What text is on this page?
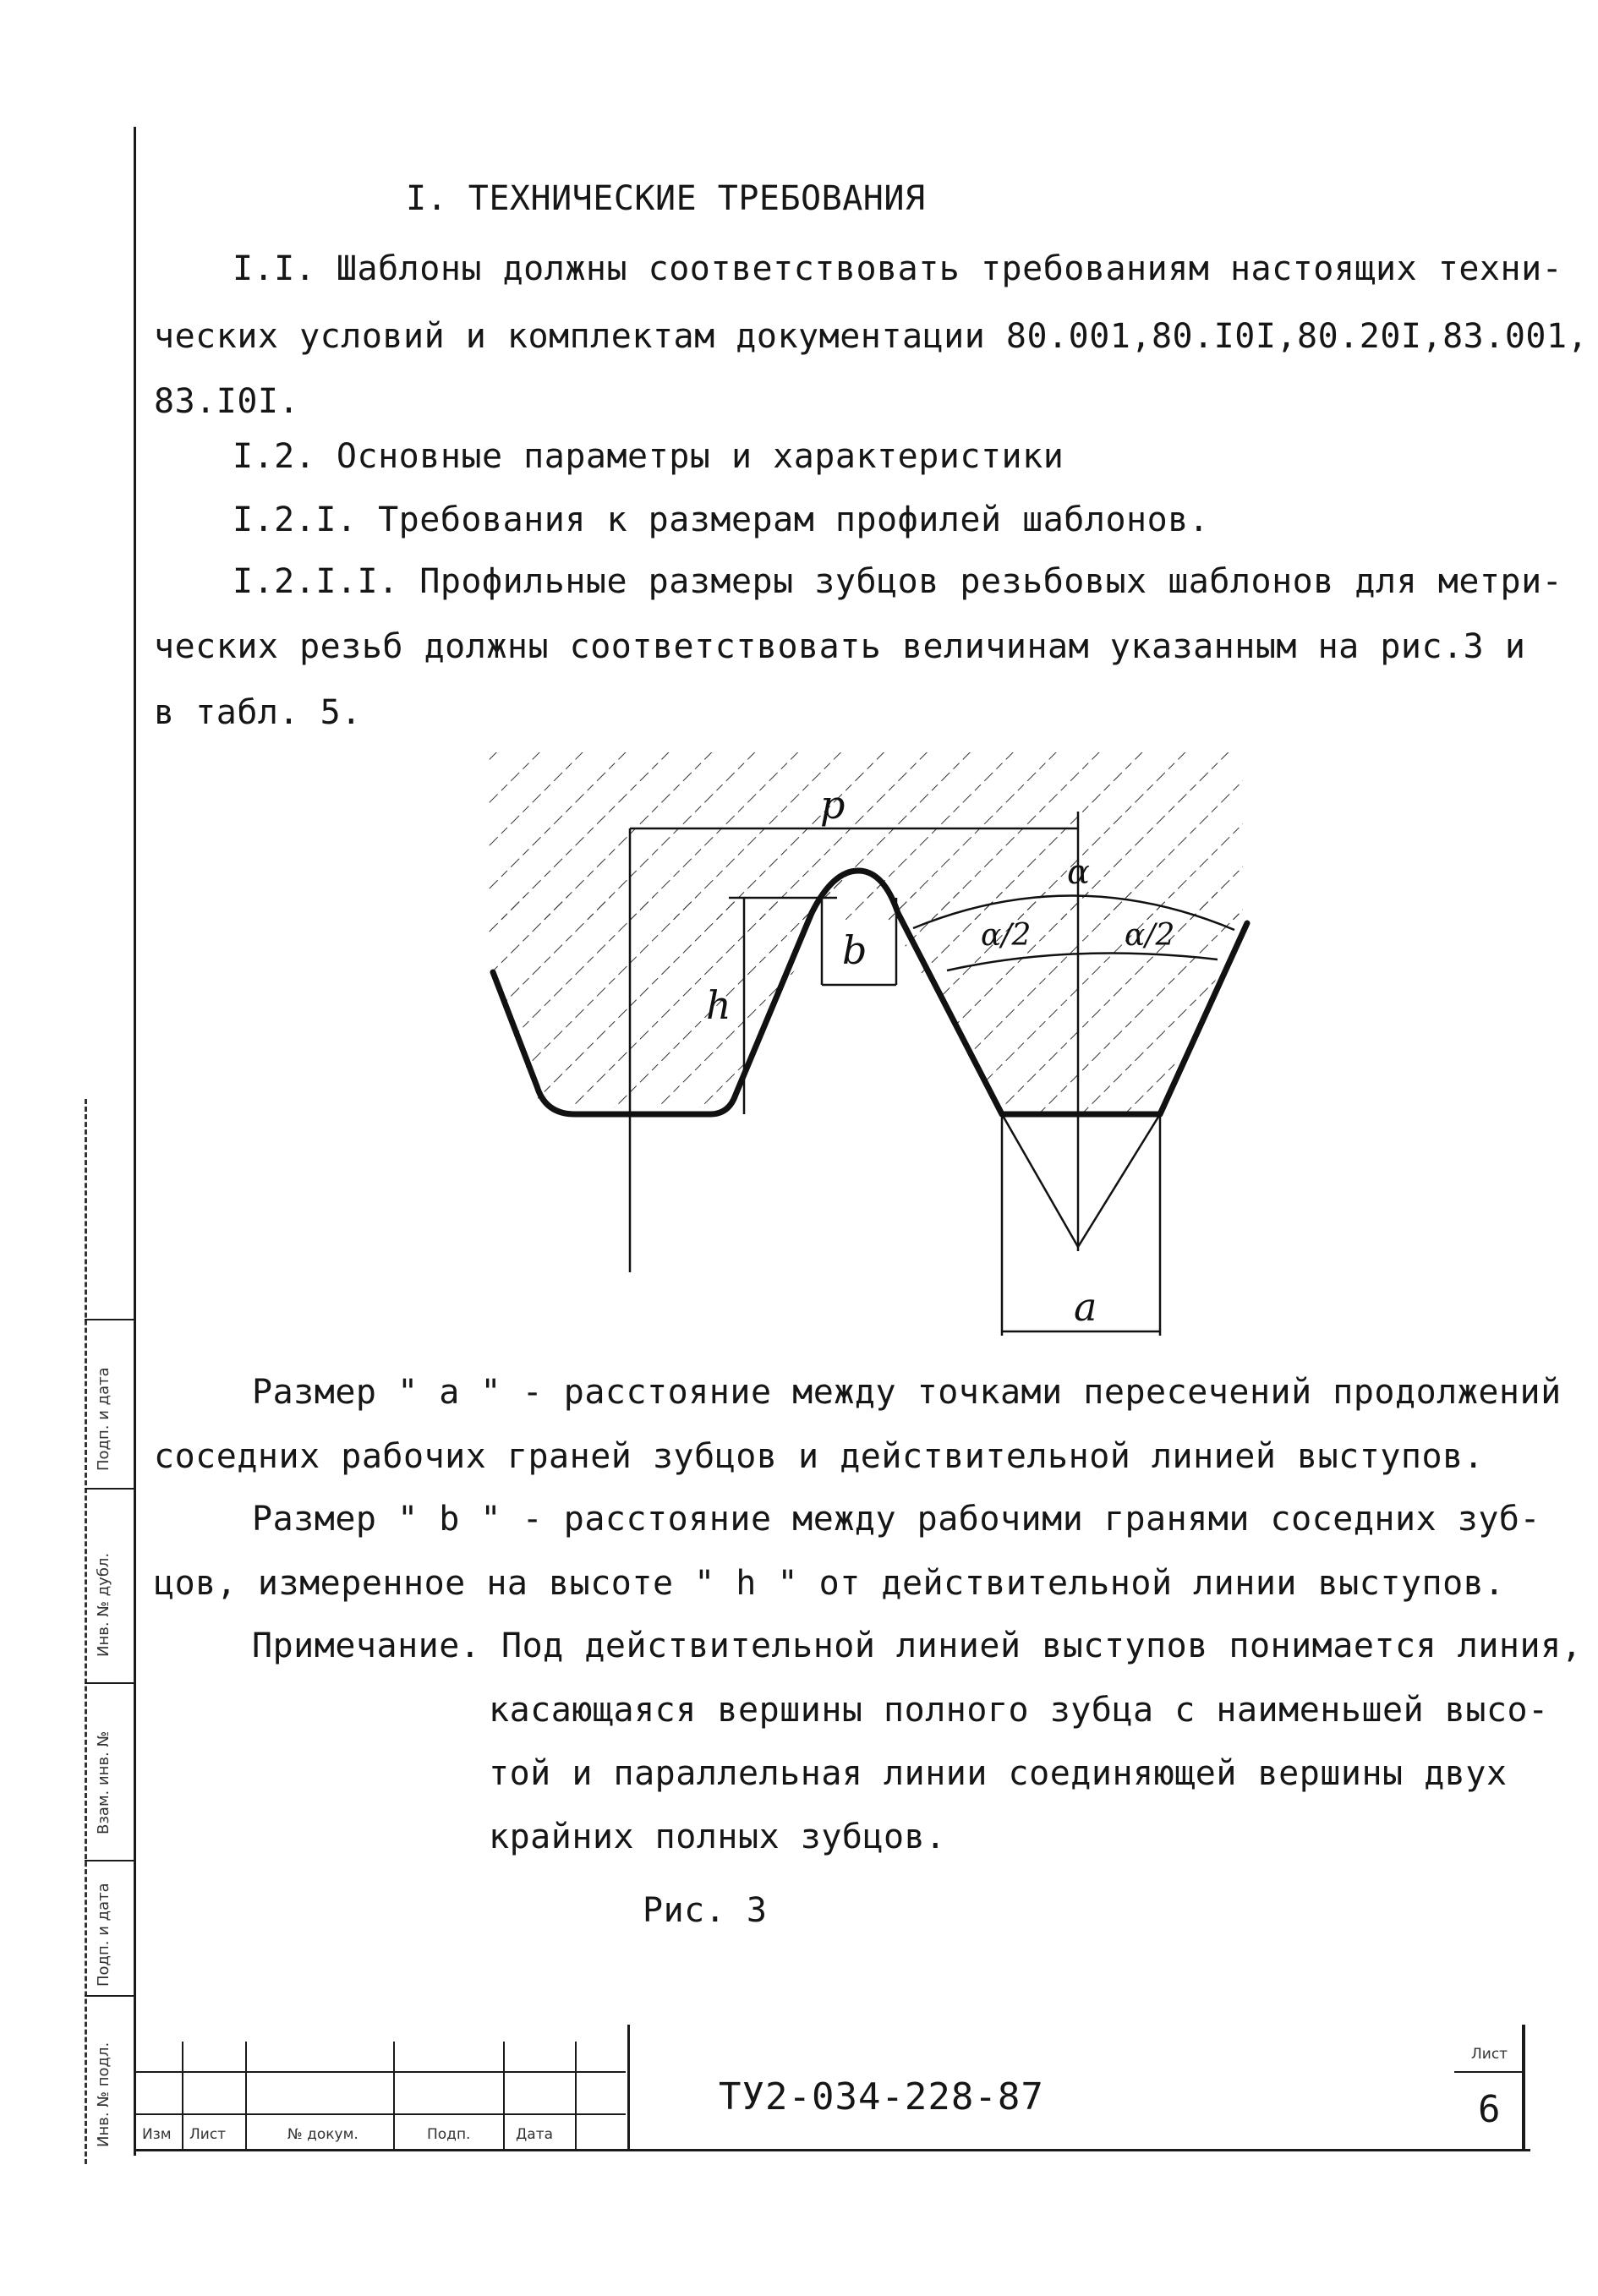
Инв. № подл.
Подп. и дата
Взам. инв. №
Инв. № дубл.
Подп. и дата
I. ТЕХНИЧЕСКИЕ ТРЕБОВАНИЯ
I.I. Шаблоны должны соответствовать требованиям настоящих техни-
ческих условий и комплектам документации 80.001,80.I0I,80.20I,83.001,
83.I0I.
I.2. Основные параметры и характеристики
I.2.I. Требования к размерам профилей шаблонов.
I.2.I.I. Профильные размеры зубцов резьбовых шаблонов для метри-
ческих резьб должны соответствовать величинам указанным на рис.3 и
в табл. 5.
p
α
α/2	α/2
b
h
a
Размер " a " - расстояние между точками пересечений продолжений
соседних рабочих граней зубцов и действительной линией выступов.
Размер " b " - расстояние между рабочими гранями соседних зуб-
цов, измеренное на высоте " h " от действительной линии выступов.
Примечание. Под действительной линией выступов понимается линия,
касающаяся вершины полного зубца с наименьшей высо-
той и параллельная линии соединяющей вершины двух
крайних полных зубцов.
Рис. 3
Изм Лист	№ докум.	Подп.	Дата
ТУ2-034-228-87
Лист
6
